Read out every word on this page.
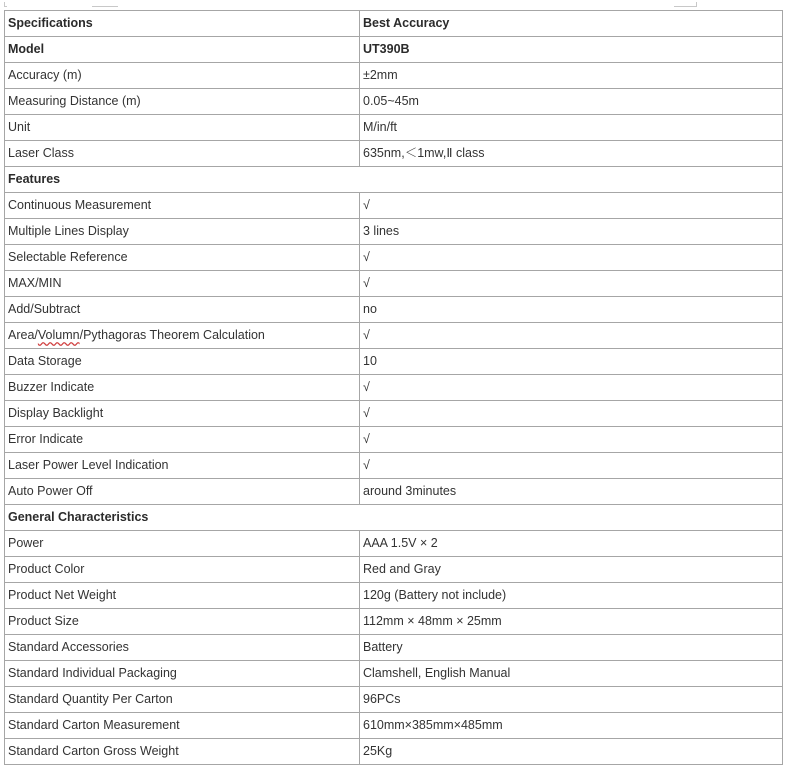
Specifications	Best Accuracy
Model	UT390B
Accuracy (m)	±2mm
Measuring Distance (m)	0.05~45m
Unit	M/in/ft
Laser Class	635nm,＜1mw,Ⅱ class
Features	
Continuous Measurement	√
Multiple Lines Display	3 lines
Selectable Reference	√
MAX/MIN	√
Add/Subtract	no
Area/Volumn/Pythagoras Theorem Calculation	√
Data Storage	10
Buzzer Indicate	√
Display Backlight	√
Error Indicate	√
Laser Power Level Indication	√
Auto Power Off	around 3minutes
General Characteristics	
Power	AAA 1.5V × 2
Product Color	Red and Gray
Product Net Weight	120g (Battery not include)
Product Size	112mm × 48mm × 25mm
Standard Accessories	Battery
Standard Individual Packaging	Clamshell, English Manual
Standard Quantity Per Carton	96PCs
Standard Carton Measurement	610mm×385mm×485mm
Standard Carton Gross Weight	25Kg
